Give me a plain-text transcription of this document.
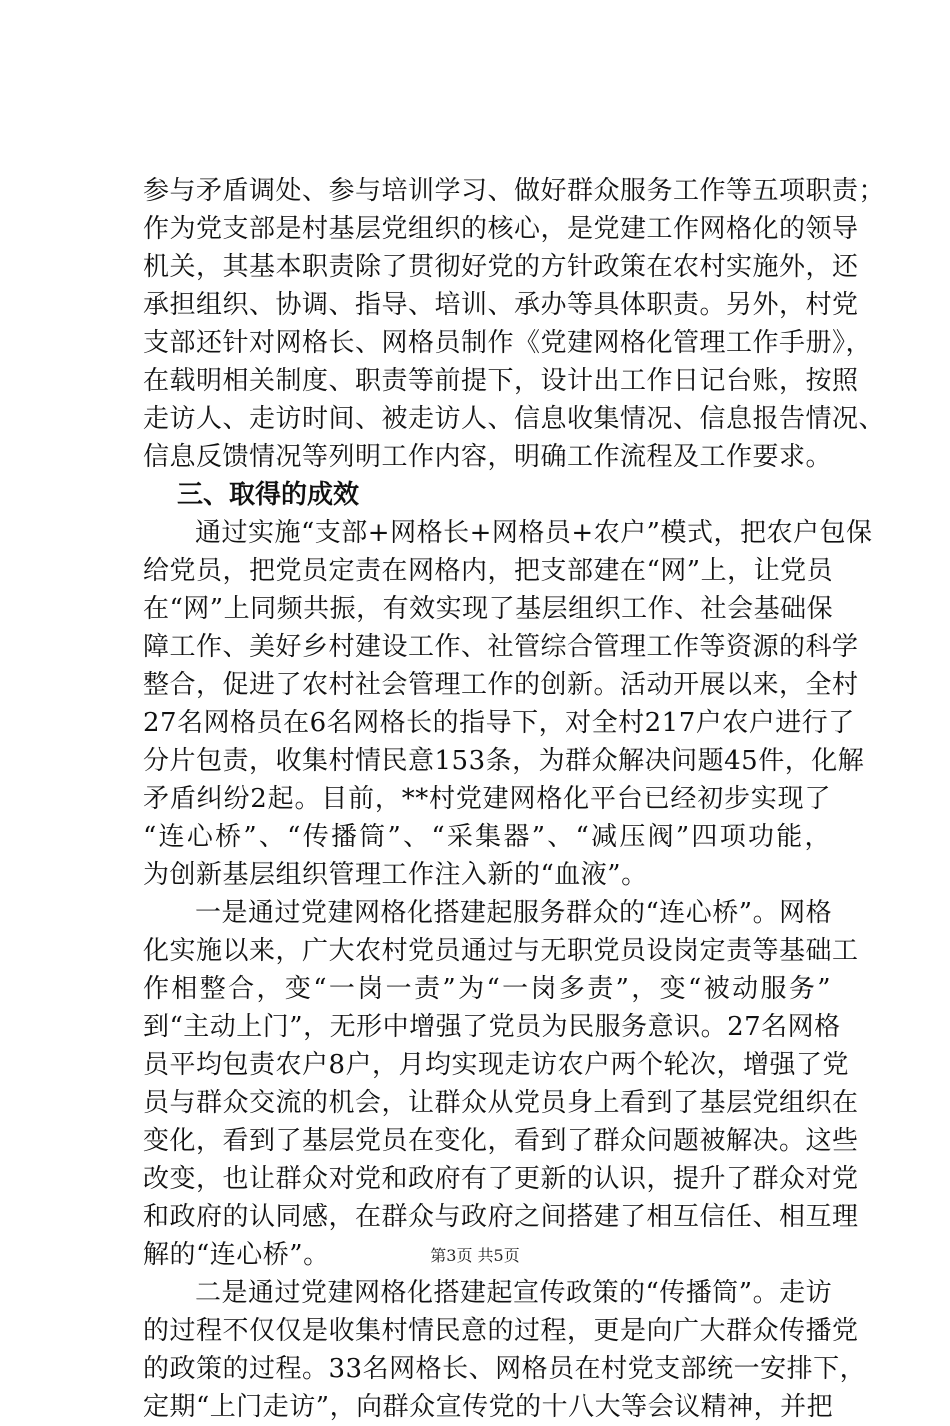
参与矛盾调处、参与培训学习、做好群众服务工作等五项职责；
作为党支部是村基层党组织的核心，是党建工作网格化的领导
机关，其基本职责除了贯彻好党的方针政策在农村实施外，还
承担组织、协调、指导、培训、承办等具体职责。另外，村党
支部还针对网格长、网格员制作《党建网格化管理工作手册》，
在载明相关制度、职责等前提下，设计出工作日记台账，按照
走访人、走访时间、被走访人、信息收集情况、信息报告情况、
信息反馈情况等列明工作内容，明确工作流程及工作要求。
三、取得的成效
通过实施“支部+网格长+网格员+农户”模式，把农户包保
给党员，把党员定责在网格内，把支部建在“网”上，让党员
在“网”上同频共振，有效实现了基层组织工作、社会基础保
障工作、美好乡村建设工作、社管综合管理工作等资源的科学
整合，促进了农村社会管理工作的创新。活动开展以来，全村
27名网格员在6名网格长的指导下，对全村217户农户进行了
分片包责，收集村情民意153条，为群众解决问题45件，化解
矛盾纠纷2起。目前，**村党建网格化平台已经初步实现了
“连心桥”、“传播筒”、“采集器”、“减压阀”四项功能，
为创新基层组织管理工作注入新的“血液”。
一是通过党建网格化搭建起服务群众的“连心桥”。网格
化实施以来，广大农村党员通过与无职党员设岗定责等基础工
作相整合，变“一岗一责”为“一岗多责”，变“被动服务”
到“主动上门”，无形中增强了党员为民服务意识。27名网格
员平均包责农户8户，月均实现走访农户两个轮次，增强了党
员与群众交流的机会，让群众从党员身上看到了基层党组织在
变化，看到了基层党员在变化，看到了群众问题被解决。这些
改变，也让群众对党和政府有了更新的认识，提升了群众对党
和政府的认同感，在群众与政府之间搭建了相互信任、相互理
解的“连心桥”。
二是通过党建网格化搭建起宣传政策的“传播筒”。走访
的过程不仅仅是收集村情民意的过程，更是向广大群众传播党
的政策的过程。33名网格长、网格员在村党支部统一安排下，
定期“上门走访”，向群众宣传党的十八大等会议精神，并把
第3页 共5页
